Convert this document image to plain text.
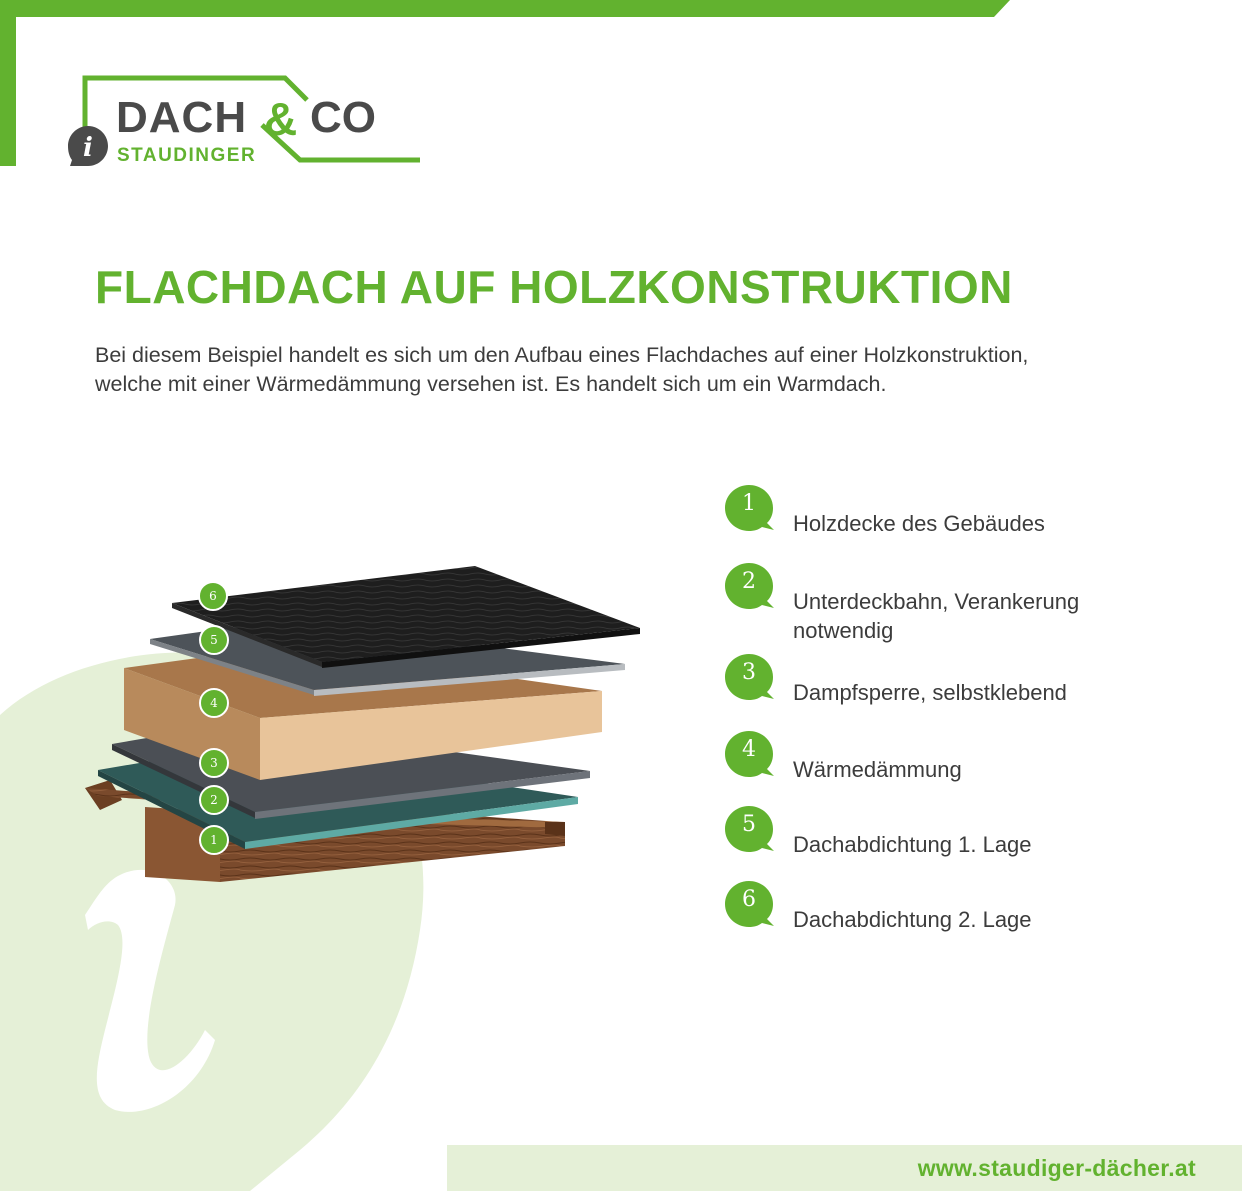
i
DACH & CO
STAUDINGER
FLACHDACH AUF HOLZKONSTRUKTION

Bei diesem Beispiel handelt es sich um den Aufbau eines Flachdaches auf einer Holzkonstruktion, welche mit einer Wärmedämmung versehen ist. Es handelt sich um ein Warmdach.

6
5
4
3
2
1
1
Holzdecke des Gebäudes
2
Unterdeckbahn, Verankerung notwendig
3
Dampfsperre, selbstklebend
4
Wärmedämmung
5
Dachabdichtung 1. Lage
6
Dachabdichtung 2. Lage
www.staudiger-dächer.at
